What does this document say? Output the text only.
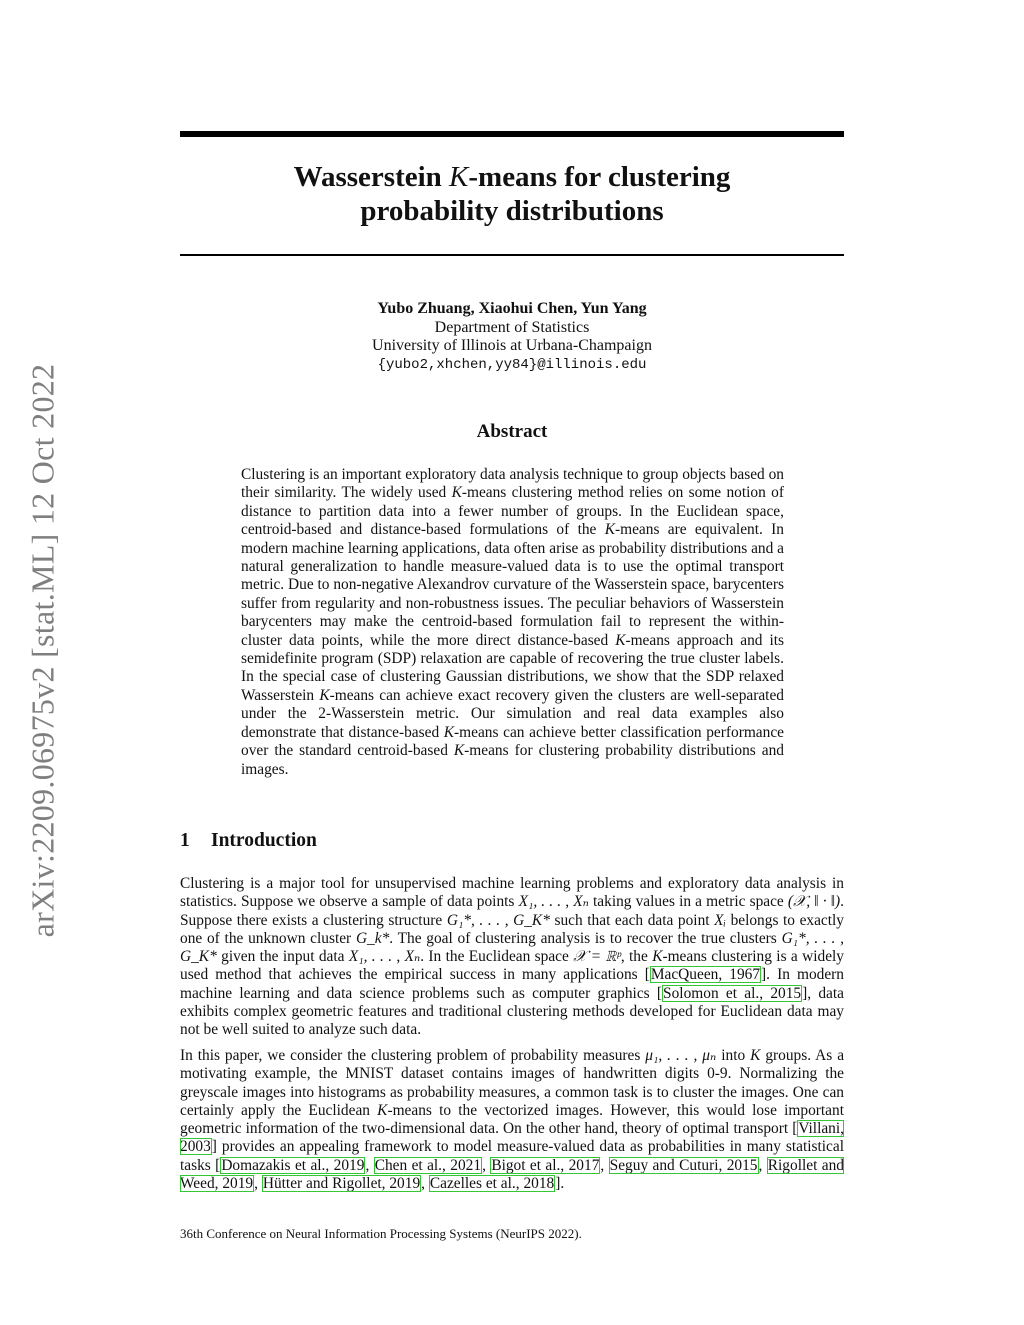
arXiv:2209.06975v2 [stat.ML] 12 Oct 2022
Wasserstein K-means for clustering
probability distributions
Yubo Zhuang, Xiaohui Chen, Yun Yang
Department of Statistics
University of Illinois at Urbana-Champaign
{yubo2,xhchen,yy84}@illinois.edu
Abstract
Clustering is an important exploratory data analysis technique to group objects based on their similarity. The widely used K-means clustering method relies on some notion of distance to partition data into a fewer number of groups. In the Euclidean space, centroid-based and distance-based formulations of the K-means are equivalent. In modern machine learning applications, data often arise as probability distributions and a natural generalization to handle measure-valued data is to use the optimal transport metric. Due to non-negative Alexandrov curvature of the Wasserstein space, barycenters suffer from regularity and non-robustness issues. The peculiar behaviors of Wasserstein barycenters may make the centroid-based formulation fail to represent the within-cluster data points, while the more direct distance-based K-means approach and its semidefinite program (SDP) relaxation are capable of recovering the true cluster labels. In the special case of clustering Gaussian distributions, we show that the SDP relaxed Wasserstein K-means can achieve exact recovery given the clusters are well-separated under the 2-Wasserstein metric. Our simulation and real data examples also demonstrate that distance-based K-means can achieve better classification performance over the standard centroid-based K-means for clustering probability distributions and images.
1 Introduction
Clustering is a major tool for unsupervised machine learning problems and exploratory data analysis in statistics. Suppose we observe a sample of data points X₁, . . . , Xₙ taking values in a metric space (𝒳, ‖ · ‖). Suppose there exists a clustering structure G₁*, . . . , G_K* such that each data point Xᵢ belongs to exactly one of the unknown cluster G_k*. The goal of clustering analysis is to recover the true clusters G₁*, . . . , G_K* given the input data X₁, . . . , Xₙ. In the Euclidean space 𝒳 = ℝᵖ, the K-means clustering is a widely used method that achieves the empirical success in many applications [MacQueen, 1967]. In modern machine learning and data science problems such as computer graphics [Solomon et al., 2015], data exhibits complex geometric features and traditional clustering methods developed for Euclidean data may not be well suited to analyze such data.
In this paper, we consider the clustering problem of probability measures μ₁, . . . , μₙ into K groups. As a motivating example, the MNIST dataset contains images of handwritten digits 0-9. Normalizing the greyscale images into histograms as probability measures, a common task is to cluster the images. One can certainly apply the Euclidean K-means to the vectorized images. However, this would lose important geometric information of the two-dimensional data. On the other hand, theory of optimal transport [Villani, 2003] provides an appealing framework to model measure-valued data as probabilities in many statistical tasks [Domazakis et al., 2019, Chen et al., 2021, Bigot et al., 2017, Seguy and Cuturi, 2015, Rigollet and Weed, 2019, Hütter and Rigollet, 2019, Cazelles et al., 2018].
36th Conference on Neural Information Processing Systems (NeurIPS 2022).
